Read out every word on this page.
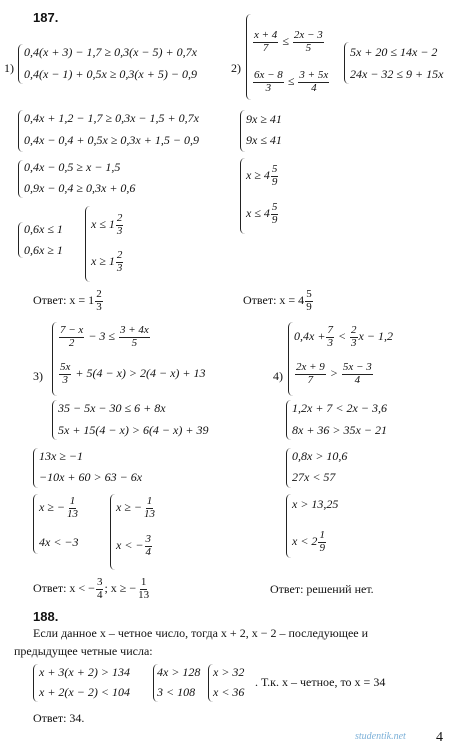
187.
1)
0,4(x + 3) − 1,7 ≥ 0,3(x − 5) + 0,7x
0,4(x − 1) + 0,5x ≥ 0,3(x + 5) − 0,9
0,4x + 1,2 − 1,7 ≥ 0,3x − 1,5 + 0,7x
0,4x − 0,4 + 0,5x ≥ 0,3x + 1,5 − 0,9
0,4x − 0,5 ≥ x − 1,5
0,9x − 0,4 ≥ 0,3x + 0,6
0,6x ≤ 1
0,6x ≥ 1
$x \le 1 \frac{2}{3}$
$x \ge 1 \frac{2}{3}$
Ответ: $x = 1 \frac{2}{3}$
2)
$\frac{x + 4}{7} \le \frac{2x - 3}{5}$
$\frac{6x - 8}{3} \le \frac{3 + 5x}{4}$
5x + 20 ≤ 14x − 2
24x − 32 ≤ 9 + 15x
9x ≥ 41
9x ≤ 41
$x \ge 4 \frac{5}{9}$
$x \le 4 \frac{5}{9}$
Ответ: $x = 4 \frac{5}{9}$
3)
$\frac{7 - x}{2} - 3 \le \frac{3 + 4x}{5}$
$\frac{5x}{3} + 5(4 - x) > 2(4 - x) + 13$
35 − 5x − 30 ≤ 6 + 8x
5x + 15(4 − x) > 6(4 − x) + 39
13x ≥ −1
−10x + 60 > 63 − 6x
x ≥ − $\frac{1}{13}$
4x < −3
x ≥ − $\frac{1}{13}$
x < − $\frac{3}{4}$
Ответ: x < − $\frac{3}{4}$ ; x ≥ − $\frac{1}{13}$
4)
$0,4x + \frac{7}{3} < \frac{2}{3}$ x − 1,2
$\frac{2x + 9}{7} > \frac{5x - 3}{4}$
1,2x + 7 < 2x − 3,6
8x + 36 > 35x − 21
0,8x > 10,6
27x < 57
x > 13,25
$x < 2 \frac{1}{9}$
Ответ: решений нет.
188.
Если данное x – четное число, тогда x + 2, x − 2 – последующее и
предыдущее четные числа:
x + 3(x + 2) > 134
x + 2(x − 2) < 104
4x > 128
3 < 108
x > 32
x < 36
. Т.к. x – четное, то x = 34
Ответ: 34.
studentik.net 4
